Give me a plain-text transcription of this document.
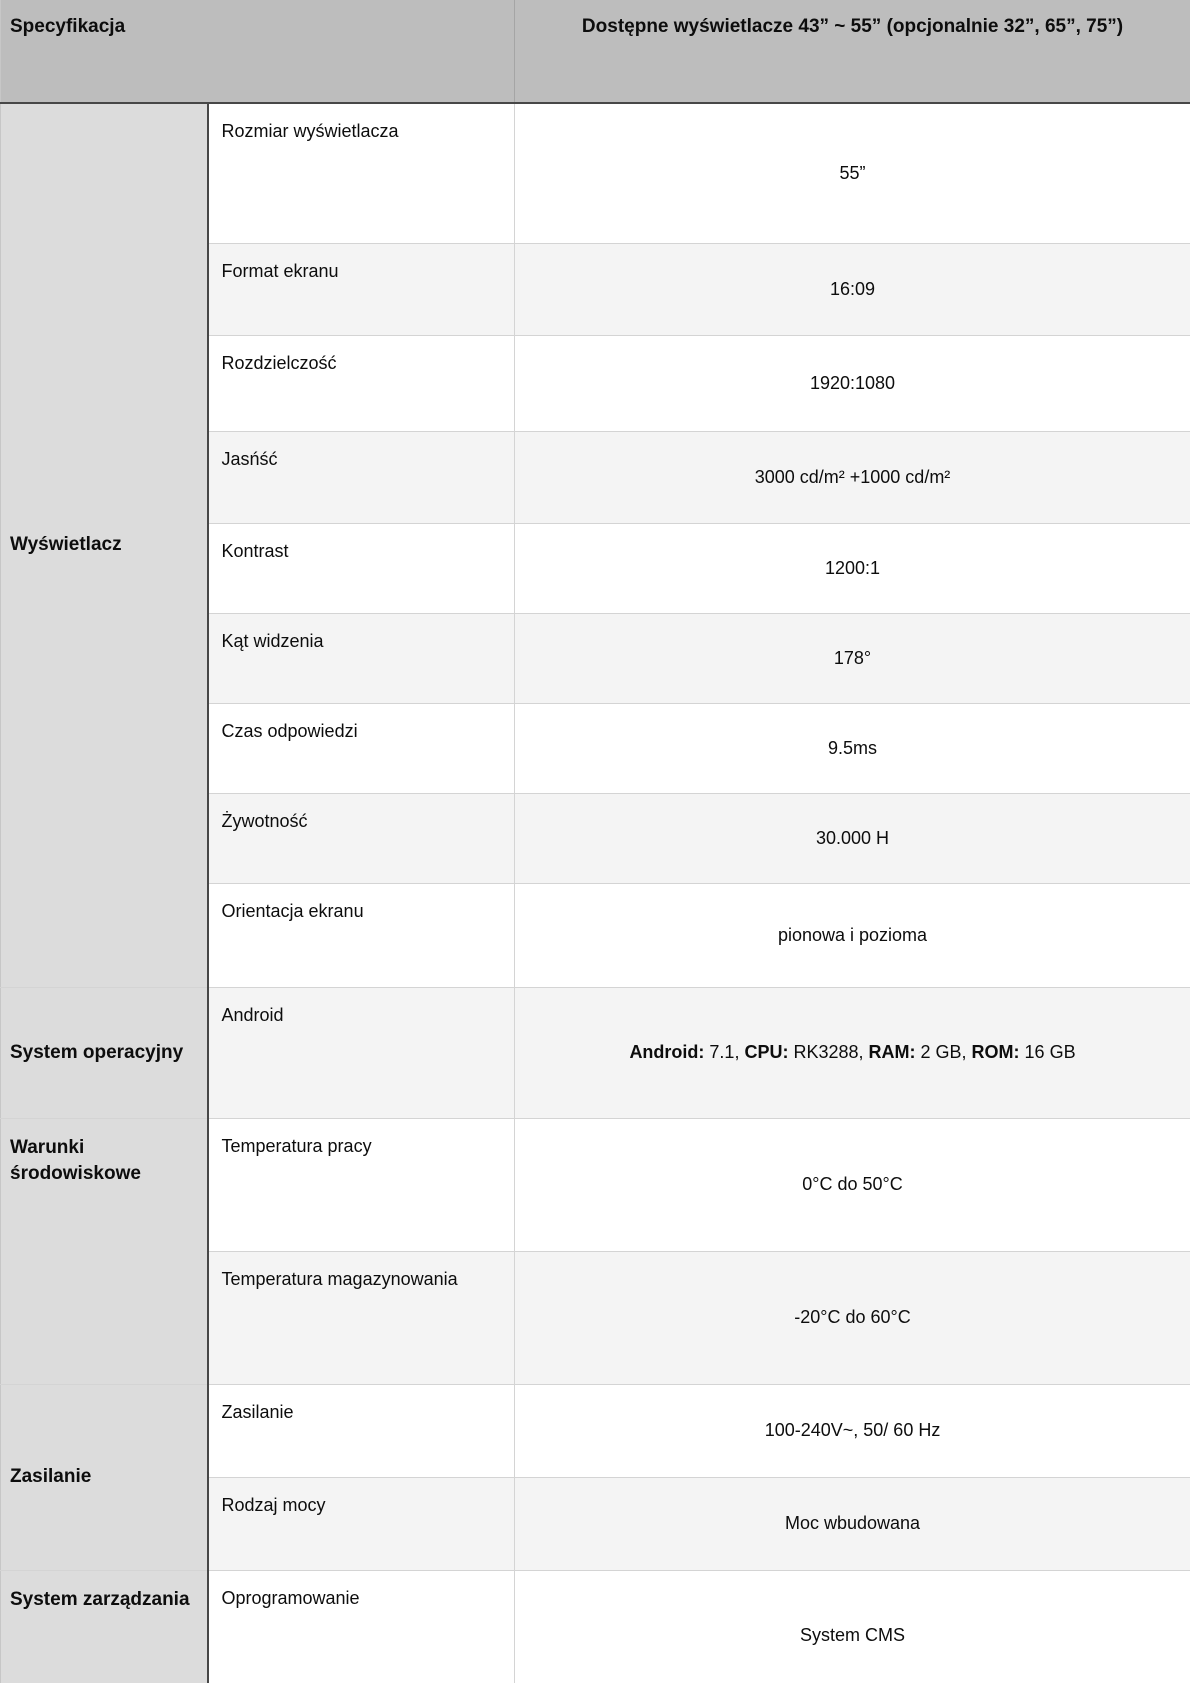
Specyfikacja		Dostępne wyświetlacze 43” ~ 55” (opcjonalnie 32”, 65”, 75”)
Wyświetlacz	Rozmiar wyświetlacza	55”
	Format ekranu	16:09
	Rozdzielczość	1920:1080
	Jasńść	3000 cd/m² +1000 cd/m²
	Kontrast	1200:1
	Kąt widzenia	178°
	Czas odpowiedzi	9.5ms
	Żywotność	30.000 H
	Orientacja ekranu	pionowa i pozioma
System operacyjny	Android	Android: 7.1, CPU: RK3288, RAM: 2 GB, ROM: 16 GB
Warunki środowiskowe	Temperatura pracy	0°C do 50°C
	Temperatura magazynowania	-20°C do 60°C
Zasilanie	Zasilanie	100-240V~, 50/ 60 Hz
	Rodzaj mocy	Moc wbudowana
System zarządzania	Oprogramowanie	System CMS
